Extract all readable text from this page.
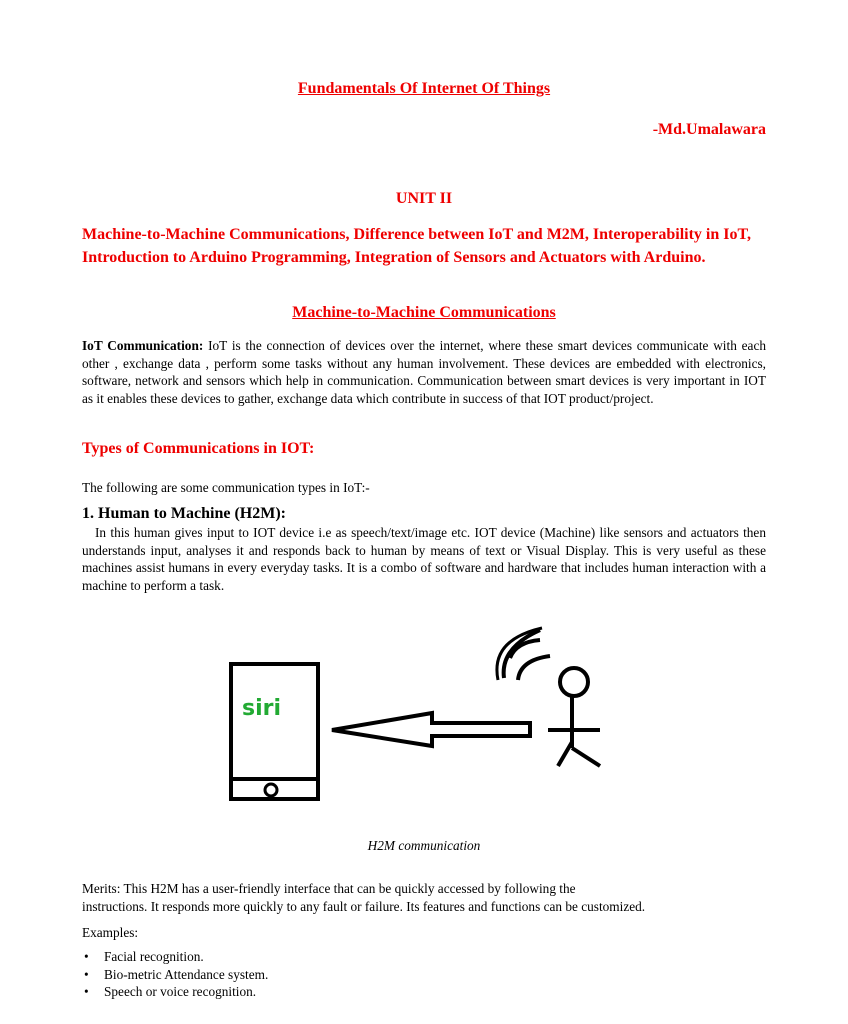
Fundamentals Of Internet Of Things
-Md.Umalawara
UNIT II
Machine-to-Machine Communications, Difference between IoT and M2M, Interoperability in IoT, Introduction to Arduino Programming, Integration of Sensors and Actuators with Arduino.
Machine-to-Machine Communications
IoT Communication: IoT is the connection of devices over the internet, where these smart devices communicate with each other , exchange data , perform some tasks without any human involvement. These devices are embedded with electronics, software, network and sensors which help in communication. Communication between smart devices is very important in IOT as it enables these devices to gather, exchange data which contribute in success of that IOT product/project.
Types of Communications in IOT:
The following are some communication types in IoT:-
1. Human to Machine (H2M):
In this human gives input to IOT device i.e as speech/text/image etc. IOT device (Machine) like sensors and actuators then understands input, analyses it and responds back to human by means of text or Visual Display. This is very useful as these machines assist humans in every everyday tasks. It is a combo of software and hardware that includes human interaction with a machine to perform a task.
siri
H2M communication
Merits: This H2M has a user-friendly interface that can be quickly accessed by following the
instructions. It responds more quickly to any fault or failure. Its features and functions can be customized.
Examples:
• Facial recognition.
• Bio-metric Attendance system.
• Speech or voice recognition.
